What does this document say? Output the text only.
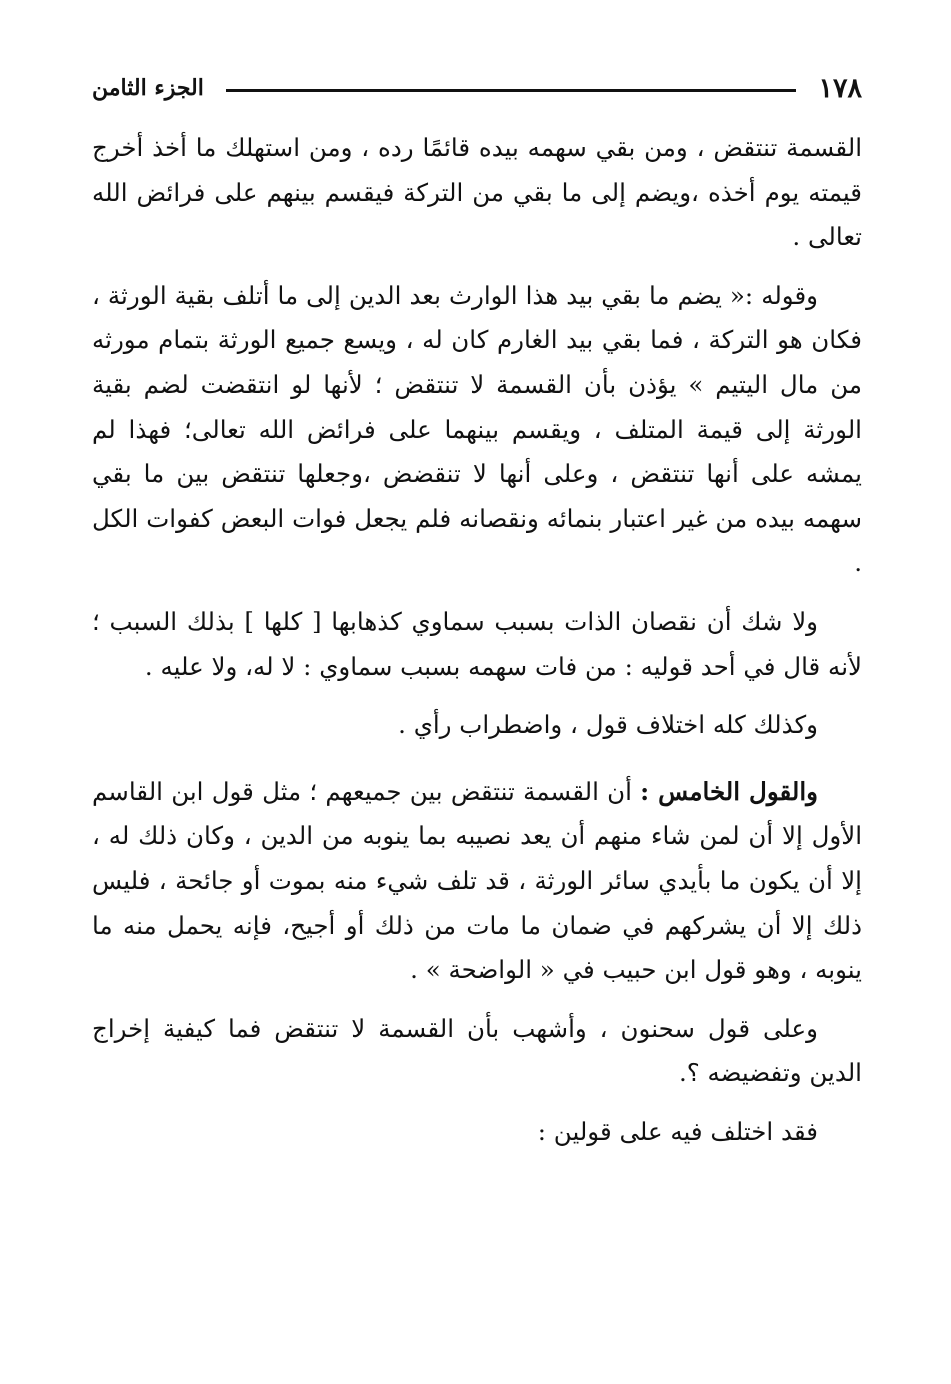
١٧٨
الجزء الثامن

القسمة تنتقض ، ومن بقي سهمه بيده قائمًا رده ، ومن استهلك ما أخذ أخرج قيمته يوم أخذه ،ويضم إلى ما بقي من التركة فيقسم بينهم على فرائض الله تعالى .

وقوله :« يضم ما بقي بيد هذا الوارث بعد الدين إلى ما أتلف بقية الورثة ، فكان هو التركة ، فما بقي بيد الغارم كان له ، ويسع جميع الورثة بتمام مورثه من مال اليتيم » يؤذن بأن القسمة لا تنتقض ؛ لأنها لو انتقضت لضم بقية الورثة إلى قيمة المتلف ، ويقسم بينهما على فرائض الله تعالى؛ فهذا لم يمشه على أنها تنتقض ، وعلى أنها لا تنقضض ،وجعلها تنتقض بين ما بقي سهمه بيده من غير اعتبار بنمائه ونقصانه فلم يجعل فوات البعض كفوات الكل .

ولا شك أن نقصان الذات بسبب سماوي كذهابها [ كلها ] بذلك السبب ؛ لأنه قال في أحد قوليه : من فات سهمه بسبب سماوي : لا له، ولا عليه .

وكذلك كله اختلاف قول ، واضطراب رأي .

والقول الخامس : أن القسمة تنتقض بين جميعهم ؛ مثل قول ابن القاسم الأول إلا أن لمن شاء منهم أن يعد نصيبه بما ينوبه من الدين ، وكان ذلك له ، إلا أن يكون ما بأيدي سائر الورثة ، قد تلف شيء منه بموت أو جائحة ، فليس ذلك إلا أن يشركهم في ضمان ما مات من ذلك أو أجيح، فإنه يحمل منه ما ينوبه ، وهو قول ابن حبيب في « الواضحة » .

وعلى قول سحنون ، وأشهب بأن القسمة لا تنتقض فما كيفية إخراج الدين وتفضيضه ؟.

فقد اختلف فيه على قولين :
